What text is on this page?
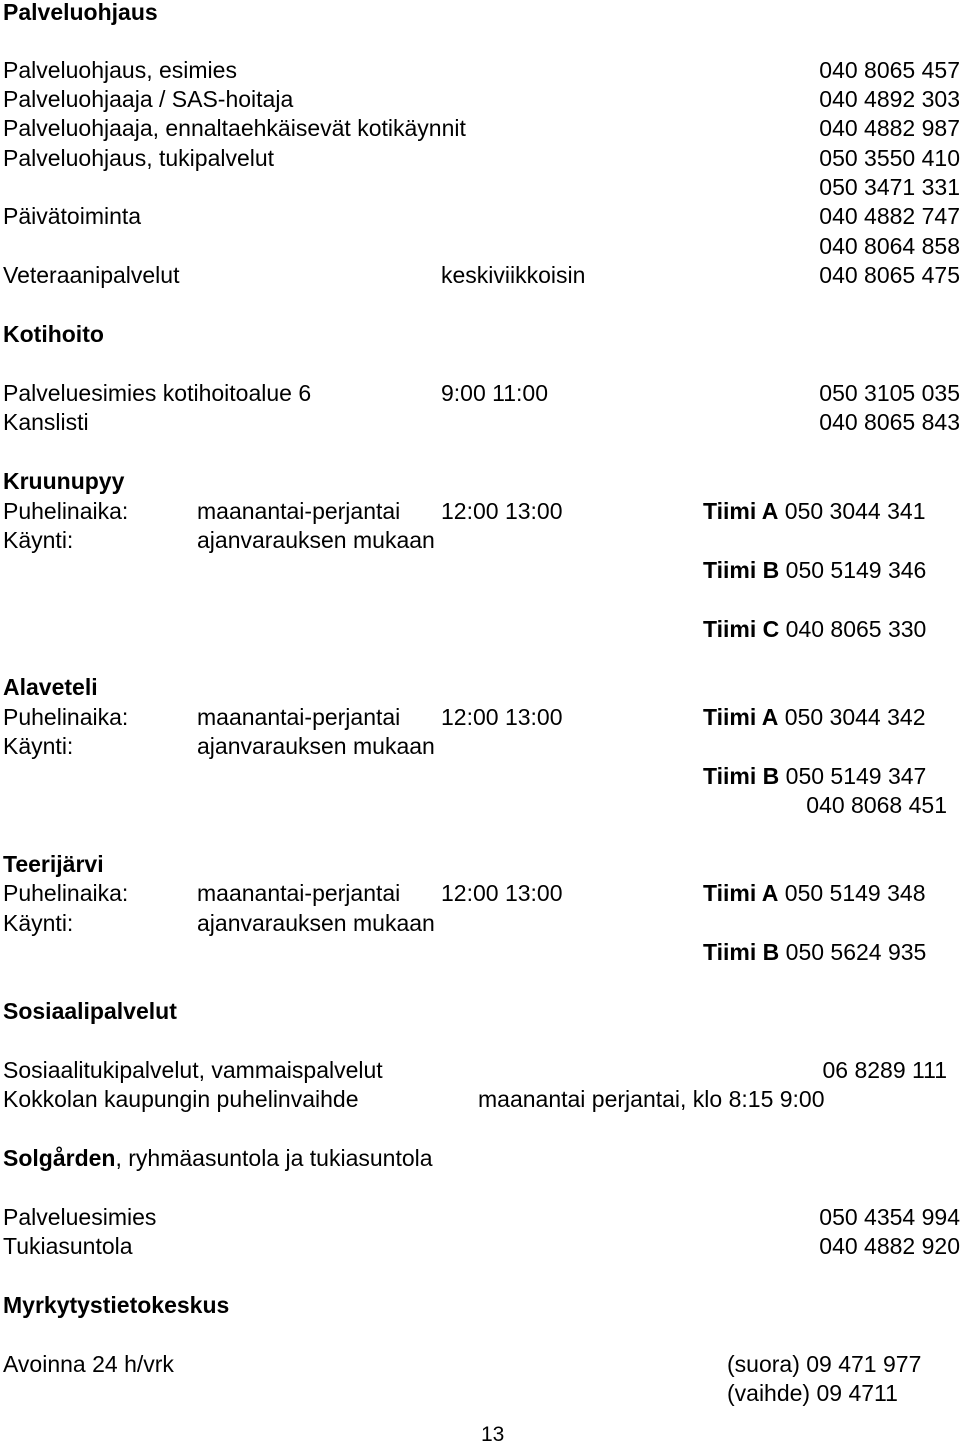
Palveluohjaus
Palveluohjaus, esimies	040 8065 457
Palveluohjaaja / SAS-hoitaja	040 4892 303
Palveluohjaaja, ennaltaehkäisevät kotikäynnit	040 4882 987
Palveluohjaus, tukipalvelut	050 3550 410
050 3471 331
Päivätoiminta	040 4882 747
040 8064 858
Veteraanipalvelut	keskiviikkoisin	040 8065 475
Kotihoito
Palveluesimies kotihoitoalue 6	9:00 11:00	050 3105 035
Kanslisti	040 8065 843
Kruunupyy
Puhelinaika:	maanantai-perjantai 12:00 13:00	Tiimi A 050 3044 341
Käynti:	ajanvarauksen mukaan
Tiimi B 050 5149 346
Tiimi C 040 8065 330
Alaveteli
Puhelinaika:	maanantai-perjantai 12:00 13:00	Tiimi A 050 3044 342
Käynti:	ajanvarauksen mukaan
Tiimi B 050 5149 347
040 8068 451
Teerijärvi
Puhelinaika:	maanantai-perjantai 12:00 13:00	Tiimi A 050 5149 348
Käynti:	ajanvarauksen mukaan
Tiimi B 050 5624 935
Sosiaalipalvelut
Sosiaalitukipalvelut, vammaispalvelut	06 8289 111
Kokkolan kaupungin puhelinvaihde	maanantai perjantai, klo 8:15 9:00
Solgården, ryhmäasuntola ja tukiasuntola
Palveluesimies	050 4354 994
Tukiasuntola	040 4882 920
Myrkytystietokeskus
Avoinna 24 h/vrk	(suora) 09 471 977
(vaihde) 09 4711
13
